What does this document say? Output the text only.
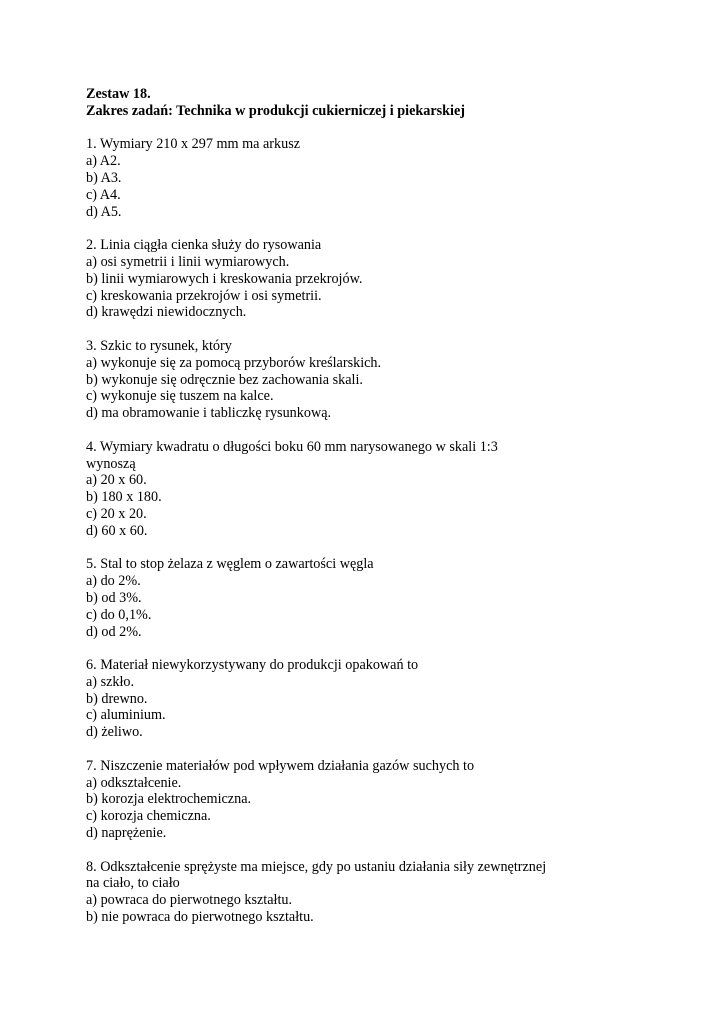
Zestaw 18.
Zakres zadań: Technika w produkcji cukierniczej i piekarskiej
1. Wymiary 210 x 297 mm ma arkusz
a) A2.
b) A3.
c) A4.
d) A5.
2. Linia ciągła cienka służy do rysowania
a) osi symetrii i linii wymiarowych.
b) linii wymiarowych i kreskowania przekrojów.
c) kreskowania przekrojów i osi symetrii.
d) krawędzi niewidocznych.
3. Szkic to rysunek, który
a) wykonuje się za pomocą przyborów kreślarskich.
b) wykonuje się odręcznie bez zachowania skali.
c) wykonuje się tuszem na kalce.
d) ma obramowanie i tabliczkę rysunkową.
4. Wymiary kwadratu o długości boku 60 mm narysowanego w skali 1:3
wynoszą
a) 20 x 60.
b) 180 x 180.
c) 20 x 20.
d) 60 x 60.
5. Stal to stop żelaza z węglem o zawartości węgla
a) do 2%.
b) od 3%.
c) do 0,1%.
d) od 2%.
6. Materiał niewykorzystywany do produkcji opakowań to
a) szkło.
b) drewno.
c) aluminium.
d) żeliwo.
7. Niszczenie materiałów pod wpływem działania gazów suchych to
a) odkształcenie.
b) korozja elektrochemiczna.
c) korozja chemiczna.
d) naprężenie.
8. Odkształcenie sprężyste ma miejsce, gdy po ustaniu działania siły zewnętrznej
na ciało, to ciało
a) powraca do pierwotnego kształtu.
b) nie powraca do pierwotnego kształtu.
